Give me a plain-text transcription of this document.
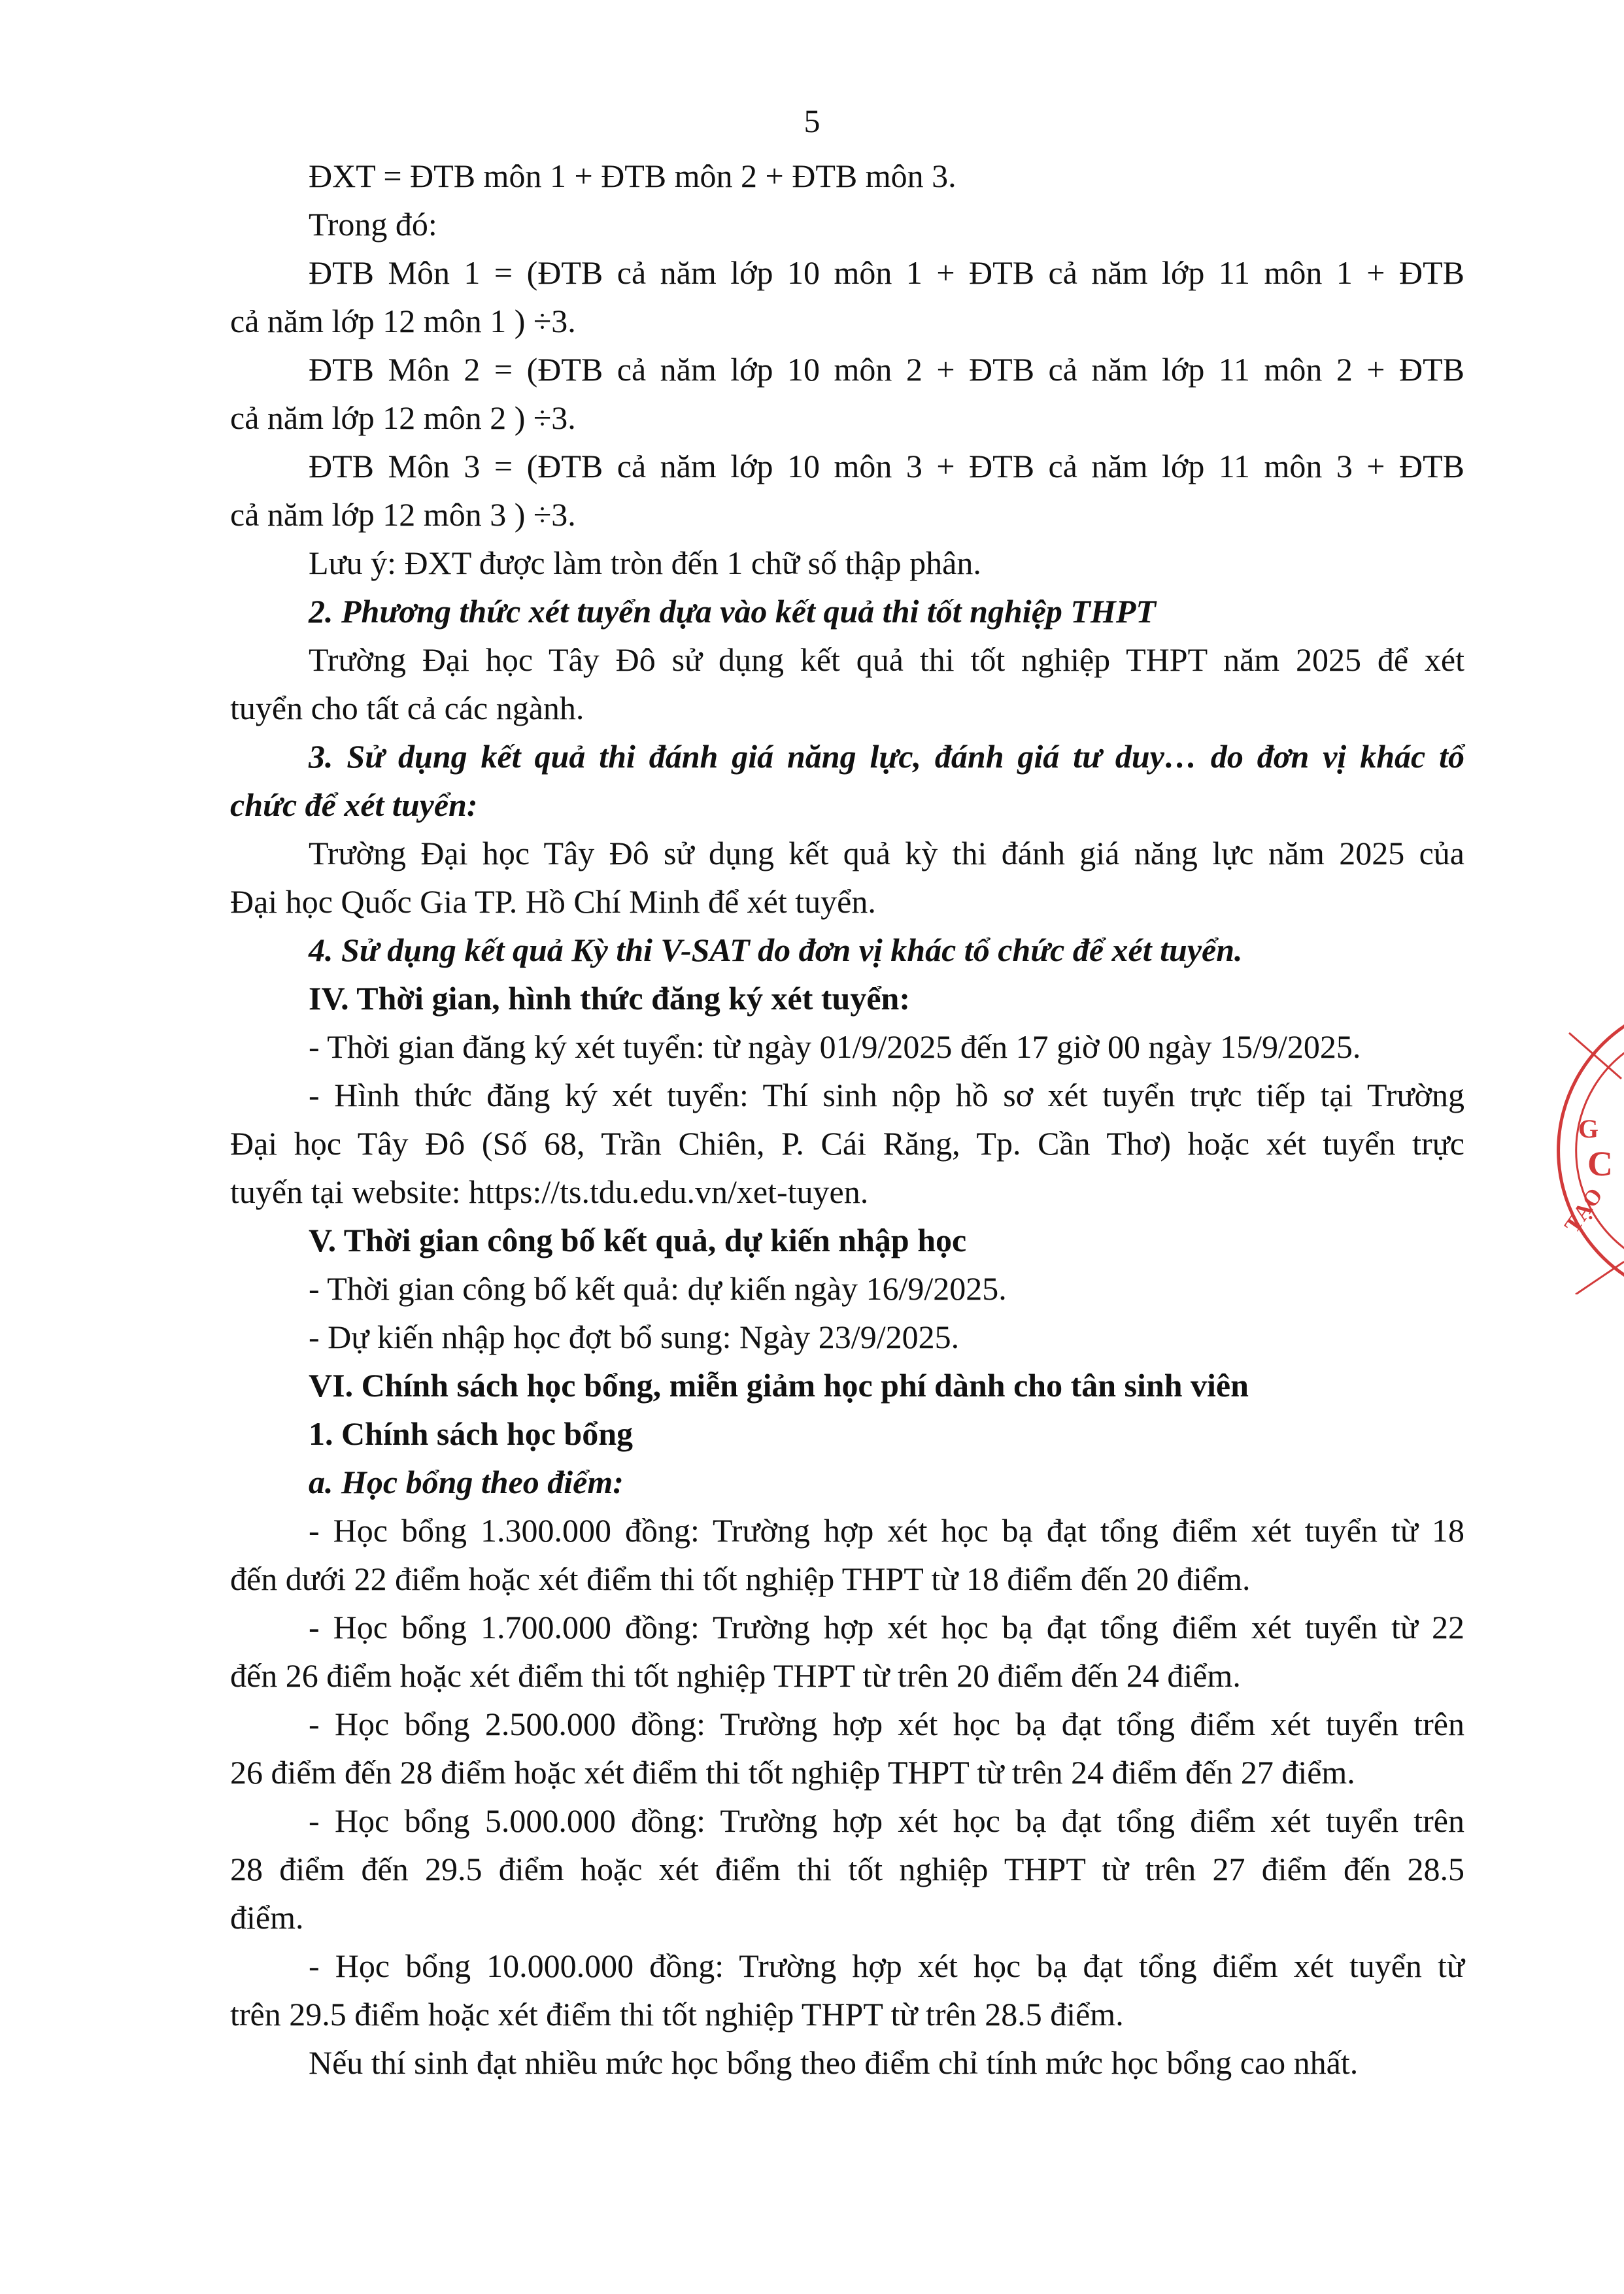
5
ĐXT = ĐTB môn 1 + ĐTB môn 2 + ĐTB môn 3.
Trong đó:
ĐTB Môn 1 = (ĐTB cả năm lớp 10 môn 1 + ĐTB cả năm lớp 11 môn 1 + ĐTB
cả năm lớp 12 môn 1 ) ÷3.
ĐTB Môn 2 = (ĐTB cả năm lớp 10 môn 2 + ĐTB cả năm lớp 11 môn 2 + ĐTB
cả năm lớp 12 môn 2 ) ÷3.
ĐTB Môn 3 = (ĐTB cả năm lớp 10 môn 3 + ĐTB cả năm lớp 11 môn 3 + ĐTB
cả năm lớp 12 môn 3 ) ÷3.
Lưu ý: ĐXT được làm tròn đến 1 chữ số thập phân.
2. Phương thức xét tuyển dựa vào kết quả thi tốt nghiệp THPT
Trường Đại học Tây Đô sử dụng kết quả thi tốt nghiệp THPT năm 2025 để xét
tuyển cho tất cả các ngành.
3. Sử dụng kết quả thi đánh giá năng lực, đánh giá tư duy… do đơn vị khác tổ
chức để xét tuyển:
Trường Đại học Tây Đô sử dụng kết quả kỳ thi đánh giá năng lực năm 2025 của
Đại học Quốc Gia TP. Hồ Chí Minh để xét tuyển.
4. Sử dụng kết quả Kỳ thi V-SAT do đơn vị khác tổ chức để xét tuyển.
IV. Thời gian, hình thức đăng ký xét tuyển:
- Thời gian đăng ký xét tuyển: từ ngày 01/9/2025 đến 17 giờ 00 ngày 15/9/2025.
- Hình thức đăng ký xét tuyển: Thí sinh nộp hồ sơ xét tuyển trực tiếp tại Trường
Đại học Tây Đô (Số 68, Trần Chiên, P. Cái Răng, Tp. Cần Thơ) hoặc xét tuyển trực
tuyến tại website: https://ts.tdu.edu.vn/xet-tuyen.
V. Thời gian công bố kết quả, dự kiến nhập học
- Thời gian công bố kết quả: dự kiến ngày 16/9/2025.
- Dự kiến nhập học đợt bổ sung: Ngày 23/9/2025.
VI. Chính sách học bổng, miễn giảm học phí dành cho tân sinh viên
1. Chính sách học bổng
a. Học bổng theo điểm:
- Học bổng 1.300.000 đồng: Trường hợp xét học bạ đạt tổng điểm xét tuyển từ 18
đến dưới 22 điểm hoặc xét điểm thi tốt nghiệp THPT từ 18 điểm đến 20 điểm.
- Học bổng 1.700.000 đồng: Trường hợp xét học bạ đạt tổng điểm xét tuyển từ 22
đến 26 điểm hoặc xét điểm thi tốt nghiệp THPT từ trên 20 điểm đến 24 điểm.
- Học bổng 2.500.000 đồng: Trường hợp xét học bạ đạt tổng điểm xét tuyển trên
26 điểm đến 28 điểm hoặc xét điểm thi tốt nghiệp THPT từ trên 24 điểm đến 27 điểm.
- Học bổng 5.000.000 đồng: Trường hợp xét học bạ đạt tổng điểm xét tuyển trên
28 điểm đến 29.5 điểm hoặc xét điểm thi tốt nghiệp THPT từ trên 27 điểm đến 28.5
điểm.
- Học bổng 10.000.000 đồng: Trường hợp xét học bạ đạt tổng điểm xét tuyển từ
trên 29.5 điểm hoặc xét điểm thi tốt nghiệp THPT từ trên 28.5 điểm.
Nếu thí sinh đạt nhiều mức học bổng theo điểm chỉ tính mức học bổng cao nhất.
G
C
TẠO
